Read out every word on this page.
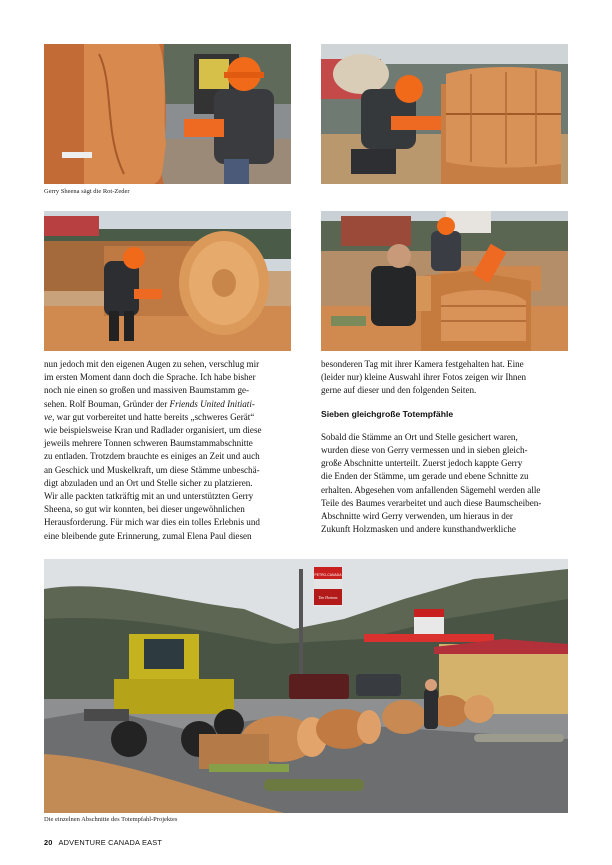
Gerry Sheena sägt die Rot-Zeder
nun jedoch mit den eigenen Augen zu sehen, verschlug mir
im ersten Moment dann doch die Sprache. Ich habe bisher
noch nie einen so großen und massiven Baumstamm ge-
sehen. Rolf Bouman, Gründer der Friends United Initiati-
ve, war gut vorbereitet und hatte bereits „schweres Gerät“
wie beispielsweise Kran und Radlader organisiert, um diese
jeweils mehrere Tonnen schweren Baumstammabschnitte
zu entladen. Trotzdem brauchte es einiges an Zeit und auch
an Geschick und Muskelkraft, um diese Stämme unbeschä-
digt abzuladen und an Ort und Stelle sicher zu platzieren.
Wir alle packten tatkräftig mit an und unterstützten Gerry
Sheena, so gut wir konnten, bei dieser ungewöhnlichen
Herausforderung. Für mich war dies ein tolles Erlebnis und
eine bleibende gute Erinnerung, zumal Elena Paul diesen
besonderen Tag mit ihrer Kamera festgehalten hat. Eine
(leider nur) kleine Auswahl ihrer Fotos zeigen wir Ihnen
gerne auf dieser und den folgenden Seiten.
Sieben gleichgroße Totempfähle
Sobald die Stämme an Ort und Stelle gesichert waren,
wurden diese von Gerry vermessen und in sieben gleich-
große Abschnitte unterteilt. Zuerst jedoch kappte Gerry
die Enden der Stämme, um gerade und ebene Schnitte zu
erhalten. Abgesehen vom anfallenden Sägemehl werden alle
Teile des Baumes verarbeitet und auch diese Baumscheiben-
Abschnitte wird Gerry verwenden, um hieraus in der
Zukunft Holzmasken und andere kunsthandwerkliche
PETRO-CANADA
Tim Hortons
Die einzelnen Abschnitte des Totempfahl-Projektes
20 ADVENTURE CANADA EAST
